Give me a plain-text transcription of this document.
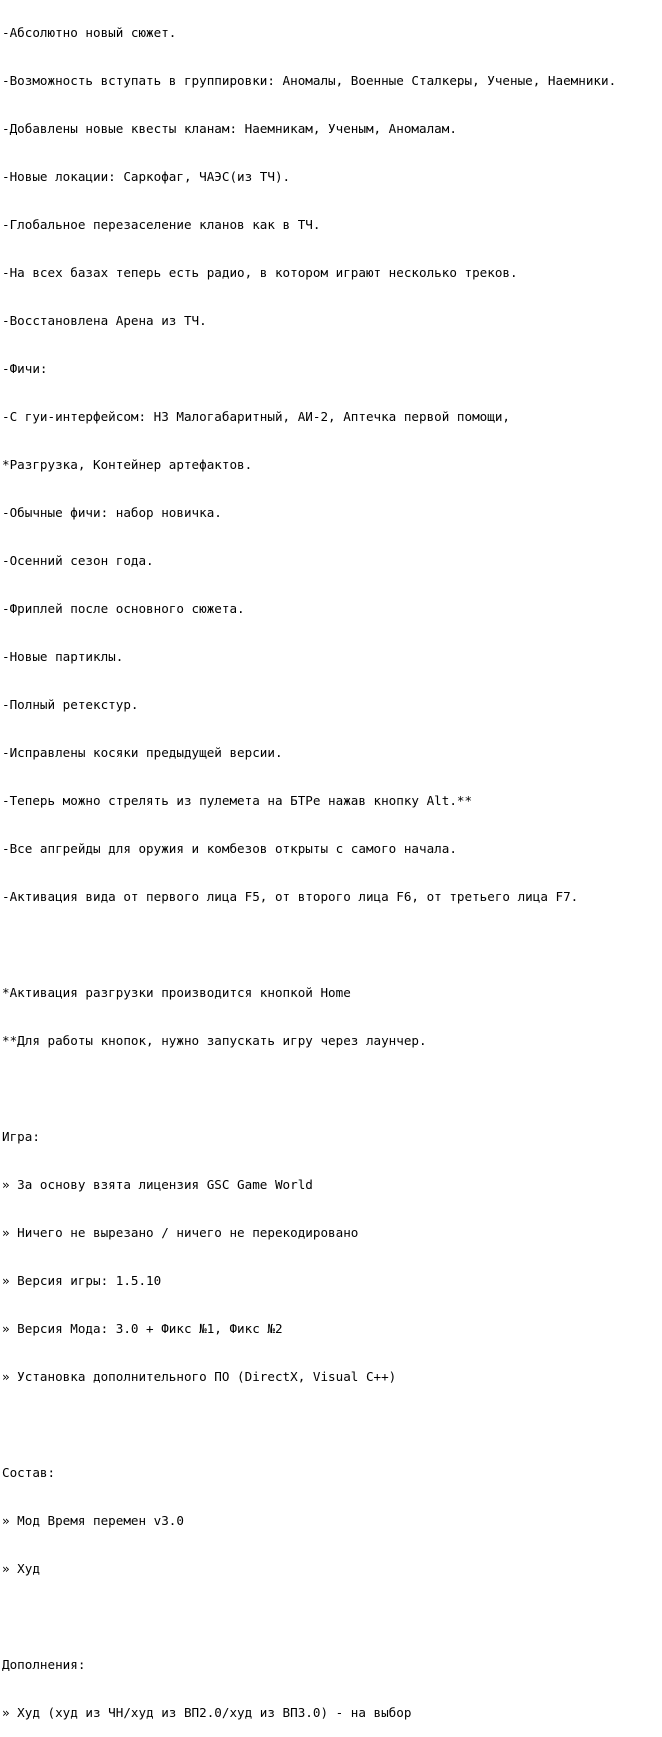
-Абсолютно новый сюжет.

-Возможность вступать в группировки: Аномалы, Военные Сталкеры, Ученые, Наемники.

-Добавлены новые квесты кланам: Наемникам, Ученым, Аномалам.

-Новые локации: Саркофаг, ЧАЭС(из ТЧ).

-Глобальное перезаселение кланов как в ТЧ.

-На всех базах теперь есть радио, в котором играют несколько треков.

-Восстановлена Арена из ТЧ.

-Фичи:

-С гуи-интерфейсом: НЗ Малогабаритный, АИ-2, Аптечка первой помощи,

*Разгрузка, Контейнер артефактов.

-Обычные фичи: набор новичка.

-Осенний сезон года.

-Фриплей после основного сюжета.

-Новые партиклы.

-Полный ретекстур.

-Исправлены косяки предыдущей версии.

-Теперь можно стрелять из пулемета на БТРе нажав кнопку Alt.**

-Все апгрейды для оружия и комбезов открыты с самого начала.

-Активация вида от первого лица F5, от второго лица F6, от третьего лица F7.

*Активация разгрузки производится кнопкой Home

**Для работы кнопок, нужно запускать игру через лаунчер.

Игра:

» За основу взята лицензия GSC Game World

» Ничего не вырезано / ничего не перекодировано

» Версия игры: 1.5.10

» Версия Мода: 3.0 + Фикс №1, Фикс №2

» Установка дополнительного ПО (DirectX, Visual C++)

Состав:

» Мод Время перемен v3.0

» Худ

Дополнения:

» Худ (худ из ЧН/худ из ВП2.0/худ из ВП3.0) - на выбор
